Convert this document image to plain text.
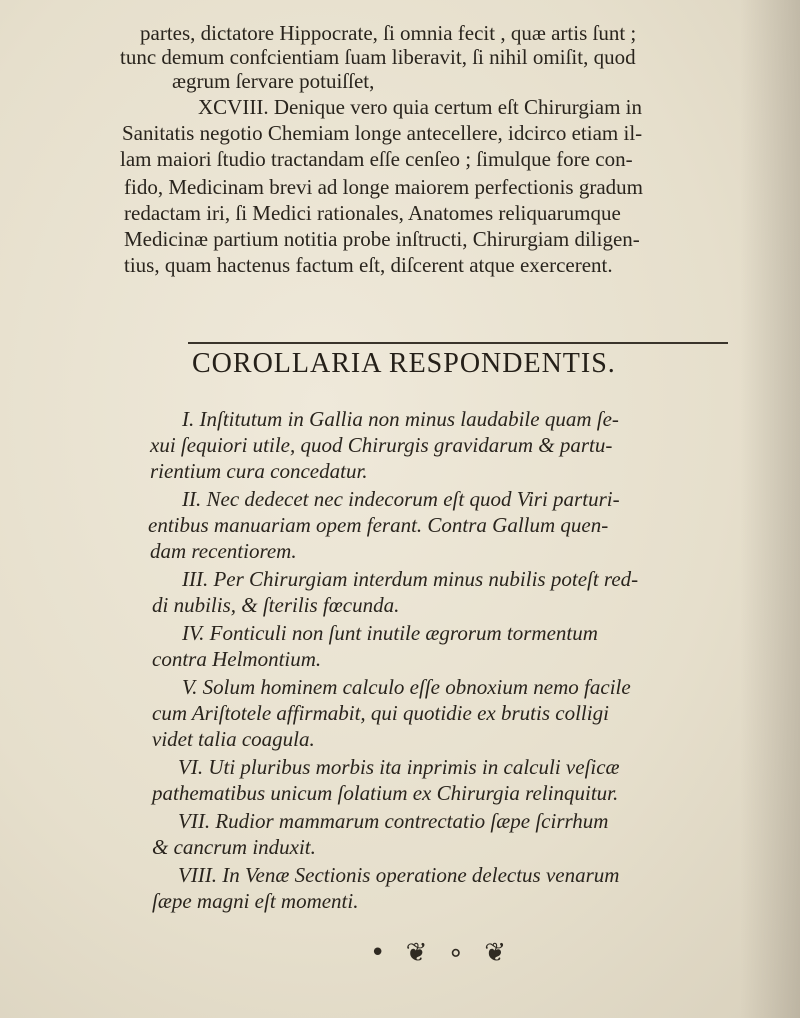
partes, dictatore Hippocrate, ſi omnia fecit , quæ artis ſunt ;
tunc demum confcientiam ſuam liberavit, ſi nihil omiſit, quod
ægrum ſervare potuiſſet,
XCVIII. Denique vero quia certum eſt Chirurgiam in
Sanitatis negotio Chemiam longe antecellere, idcirco etiam il-
lam maiori ſtudio tractandam eſſe cenſeo ; ſimulque fore con-
fido, Medicinam brevi ad longe maiorem perfectionis gradum
redactam iri, ſi Medici rationales, Anatomes reliquarumque
Medicinæ partium notitia probe inſtructi, Chirurgiam diligen-
tius, quam hactenus factum eſt, diſcerent atque exercerent.
I. Inſtitutum in Gallia non minus laudabile quam ſe-
xui ſequiori utile, quod Chirurgis gravidarum & partu-
rientium cura concedatur.
II. Nec dedecet nec indecorum eſt quod Viri parturi-
entibus manuariam opem ferant. Contra Gallum quen-
dam recentiorem.
III. Per Chirurgiam interdum minus nubilis poteſt red-
di nubilis, & ſterilis fœcunda.
IV. Fonticuli non ſunt inutile ægrorum tormentum
contra Helmontium.
V. Solum hominem calculo eſſe obnoxium nemo facile
cum Ariſtotele affirmabit, qui quotidie ex brutis colligi
videt talia coagula.
VI. Uti pluribus morbis ita inprimis in calculi veſicæ
pathematibus unicum ſolatium ex Chirurgia relinquitur.
VII. Rudior mammarum contrectatio ſæpe ſcirrhum
& cancrum induxit.
VIII. In Venæ Sectionis operatione delectus venarum
ſæpe magni eſt momenti.
COROLLARIA RESPONDENTIS.
• ❦ ∘ ❦
